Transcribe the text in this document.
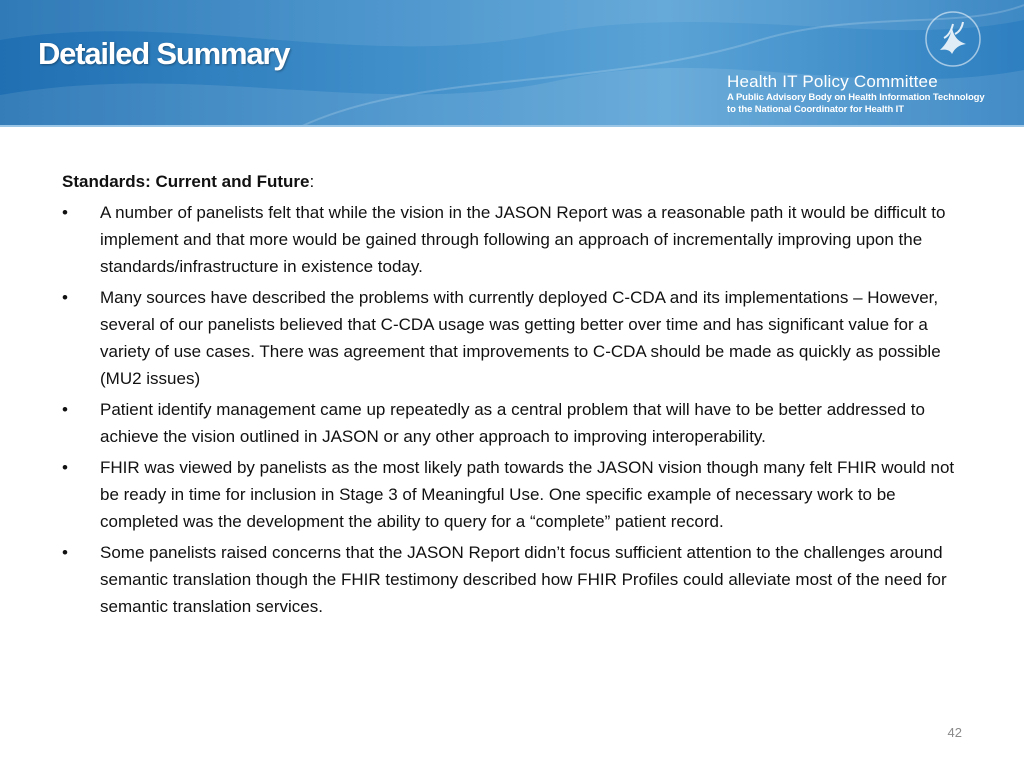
Detailed Summary
Health IT Policy Committee
A Public Advisory Body on Health Information Technology
to the National Coordinator for Health IT
Standards: Current and Future:
•	A number of panelists felt that while the vision in the JASON Report was a reasonable path it would be difficult to implement and that more would be gained through following an approach of incrementally improving upon the standards/infrastructure in existence today.
•	Many sources have described the problems with currently deployed C-CDA and its implementations – However, several of our panelists believed that C-CDA usage was getting better over time and has significant value for a variety of use cases. There was agreement that improvements to C-CDA should be made as quickly as possible (MU2 issues)
•	Patient identify management came up repeatedly as a central problem that will have to be better addressed to achieve the vision outlined in JASON or any other approach to improving interoperability.
•	FHIR was viewed by panelists as the most likely path towards the JASON vision though many felt FHIR would not be ready in time for inclusion in Stage 3 of Meaningful Use. One specific example of necessary work to be completed was the development the ability to query for a “complete” patient record.
•	Some panelists raised concerns that the JASON Report didn’t focus sufficient attention to the challenges around semantic translation though the FHIR testimony described how FHIR Profiles could alleviate most of the need for semantic translation services.
42
